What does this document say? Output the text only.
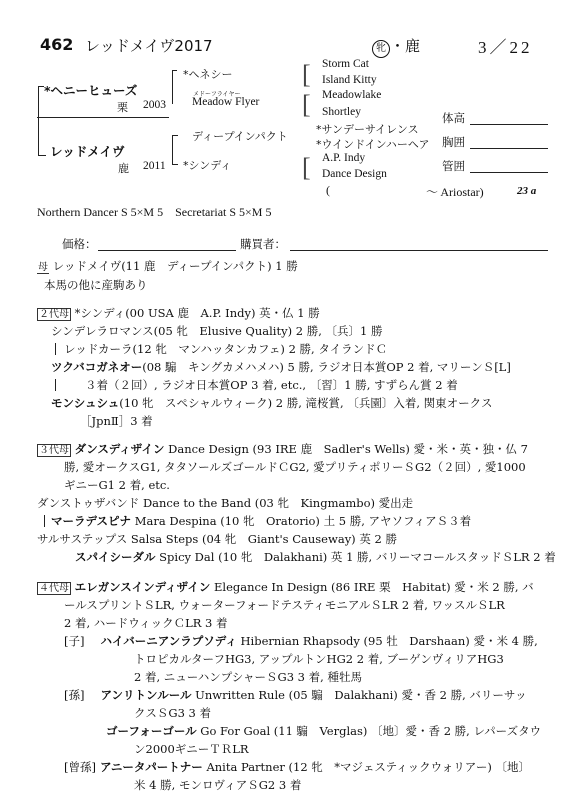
462 レッドメイヴ2017	牝 ・鹿	3／22
*ヘニーヒューズ
栗 2003
レッドメイヴ
鹿 2011
*ヘネシー
メドーフライヤー
Meadow Flyer
ディープインパクト
*シンディ
[
[
[
Storm Cat
Island Kitty
Meadowlake
Shortley
*サンデーサイレンス
*ウインドインハーヘア
A.P. Indy
Dance Design
(	～ Ariostar)	23 a
体高
胸囲
管囲
Northern Dancer S 5×M 5　Secretariat S 5×M 5
価格：	購買者：
母 レッドメイヴ(11 鹿　ディープインパクト) 1 勝
本馬の他に産駒あり
２代母 *シンディ(00 USA 鹿　A.P. Indy) 英・仏 1 勝
シンデレラロマンス(05 牝　Elusive Quality) 2 勝, 〔兵〕1 勝
レッドカーラ(12 牝　マンハッタンカフェ) 2 勝, タイランドＣ
ツクバコガネオー(08 騸　キングカメハメハ) 5 勝, ラジオ日本賞OP 2 着, マリーンＳ[L]
３着（２回）, ラジオ日本賞OP 3 着, etc., 〔習〕1 勝, すずらん賞 2 着
モンシュシュ(10 牝　スペシャルウィーク) 2 勝, 滝桜賞, 〔兵園〕入着, 関東オークス
［JpnⅡ］3 着
３代母 ダンスディザイン Dance Design (93 IRE 鹿　Sadler's Wells) 愛・米・英・独・仏 7
勝, 愛オークスG1, タタソールズゴールドＣG2, 愛プリティポリーＳG2（２回）, 愛1000
ギニーG1 2 着, etc.
ダンストゥザバンド Dance to the Band (03 牝　Kingmambo) 愛出走
マーラデスピナ Mara Despina (10 牝　Oratorio) 土 5 勝, アヤソフィアＳ３着
サルサステップス Salsa Steps (04 牝　Giant's Causeway) 英 2 勝
スパイシーダル Spicy Dal (10 牝　Dalakhani) 英 1 勝, バリーマコールスタッドＳLR 2 着
４代母 エレガンスインディザイン Elegance In Design (86 IRE 栗　Habitat) 愛・米 2 勝, バ
ールスプリントＳLR, ウォーターフォードテスティモニアルＳLR 2 着, ワッスルＳLR
2 着, ハードウィックＣLR 3 着
[子] ハイバーニアンラプソディ Hibernian Rhapsody (95 牡　Darshaan) 愛・米 4 勝,
トロピカルターフHG3, アップルトンHG2 2 着, ブーゲンヴィリアHG3
2 着, ニューハンプシャーＳG3 3 着, 種牡馬
[孫] アンリトンルール Unwritten Rule (05 騸　Dalakhani) 愛・香 2 勝, バリーサッ
クスＳG3 3 着
ゴーフォーゴール Go For Goal (11 騸　Verglas) 〔地〕愛・香 2 勝, レパーズタウ
ン2000ギニーＴＲLR
[曾孫] アニータパートナー Anita Partner (12 牝　*マジェスティックウォリアー) 〔地〕
米 4 勝, モンロヴィアＳG2 3 着
